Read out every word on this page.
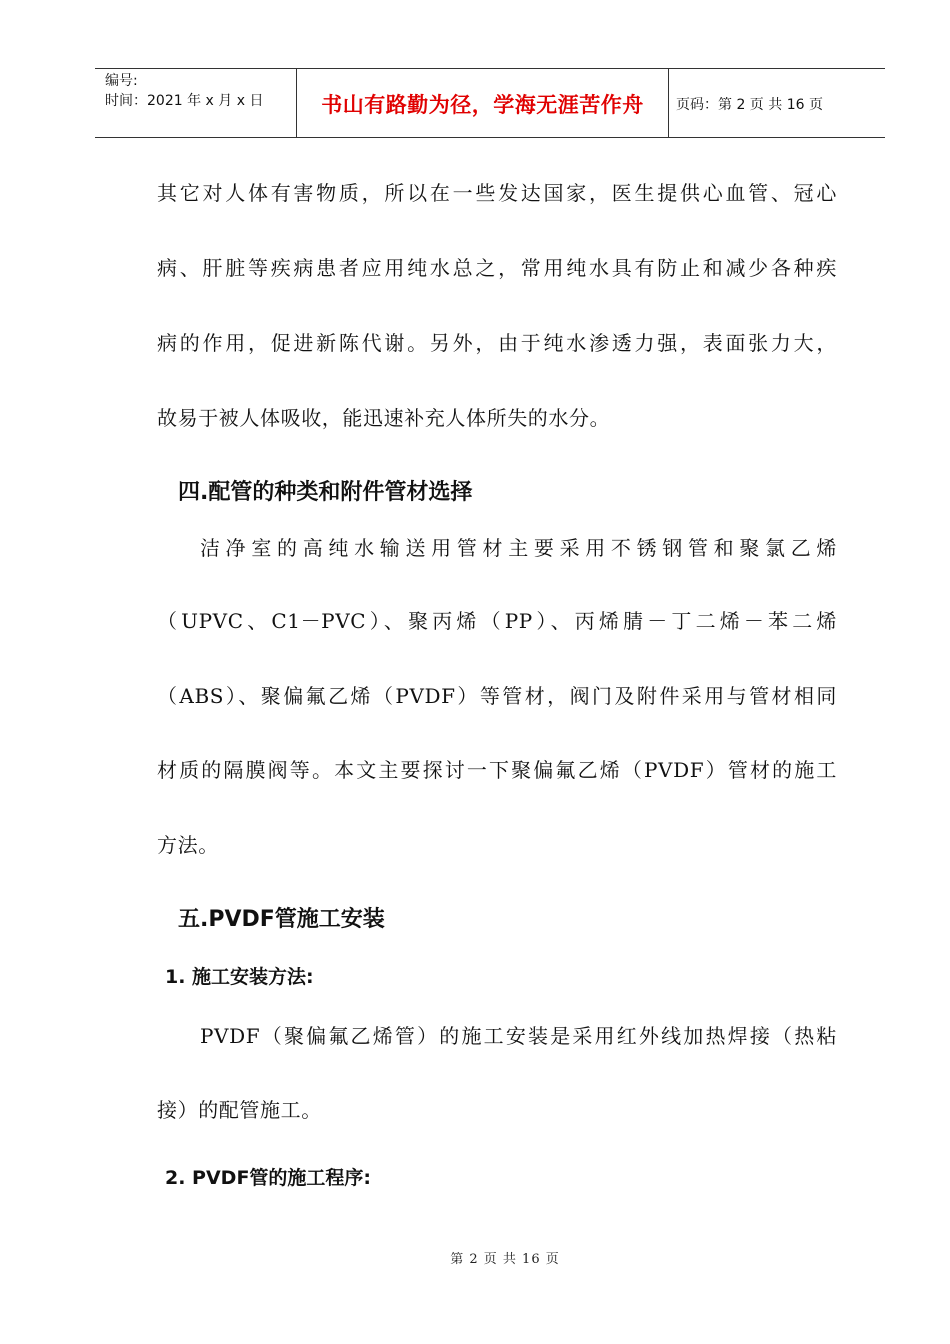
编号:
时间：2021 年 x 月 x 日	书山有路勤为径，学海无涯苦作舟	页码：第 2 页 共 16 页
其它对人体有害物质，所以在一些发达国家，医生提供心血管、冠心
病、肝脏等疾病患者应用纯水总之，常用纯水具有防止和减少各种疾
病的作用，促进新陈代谢。另外，由于纯水渗透力强，表面张力大，
故易于被人体吸收，能迅速补充人体所失的水分。
四.配管的种类和附件管材选择
洁净室的高纯水输送用管材主要采用不锈钢管和聚氯乙烯
（UPVC、C1－PVC）、聚丙烯（PP）、丙烯腈－丁二烯－苯二烯
（ABS）、聚偏氟乙烯（PVDF）等管材，阀门及附件采用与管材相同
材质的隔膜阀等。本文主要探讨一下聚偏氟乙烯（PVDF）管材的施工
方法。
五.PVDF管施工安装
1. 施工安装方法:
PVDF（聚偏氟乙烯管）的施工安装是采用红外线加热焊接（热粘
接）的配管施工。
2. PVDF管的施工程序:
第 2 页 共 16 页
